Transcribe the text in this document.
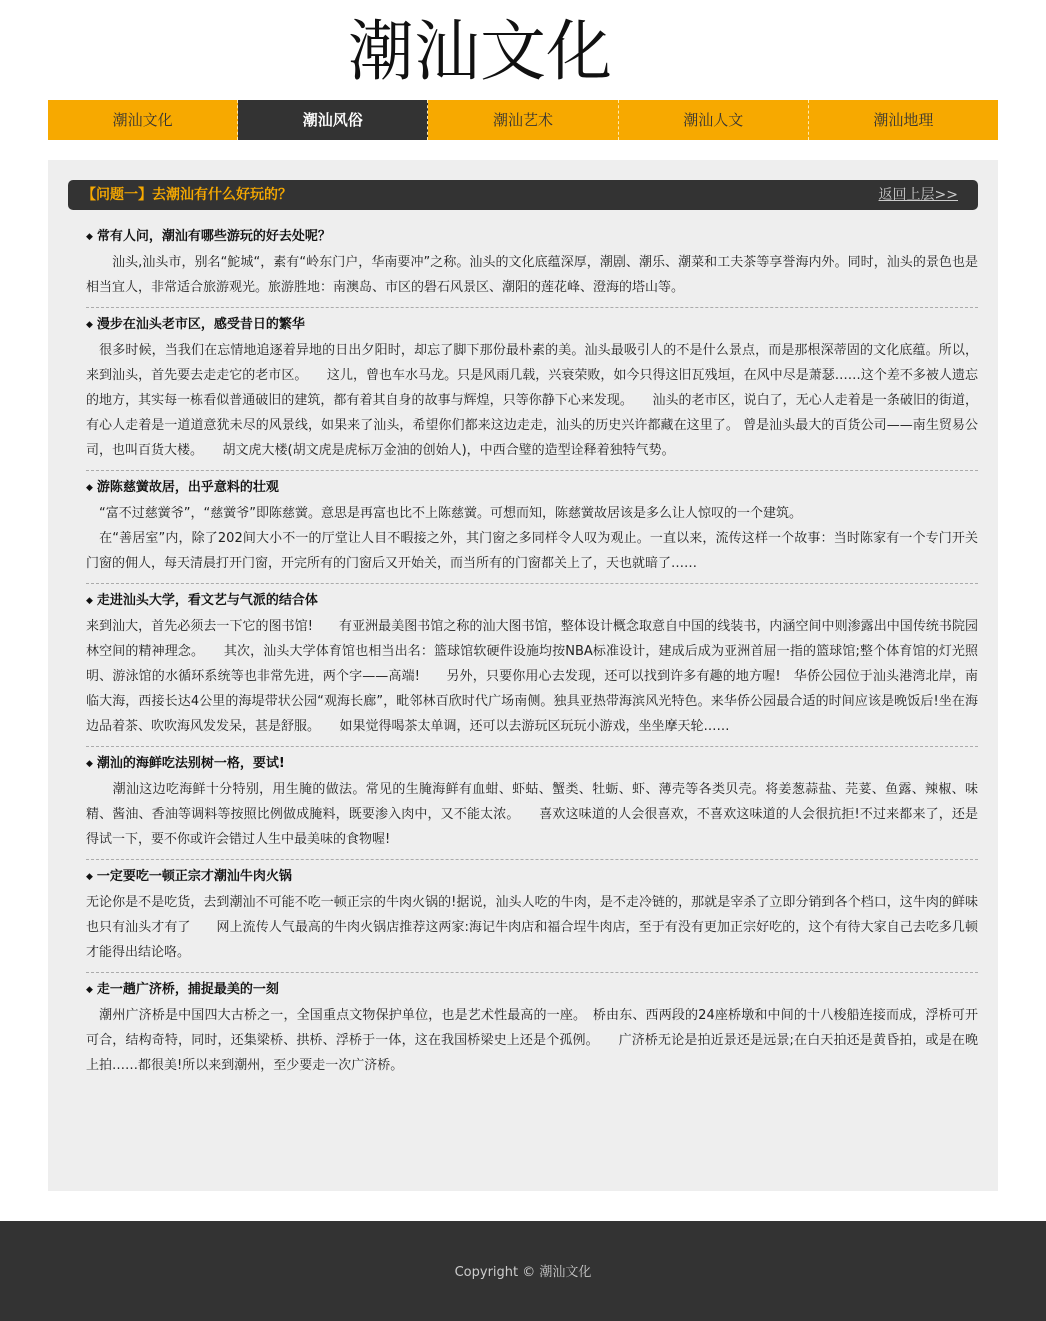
潮汕文化
潮汕文化	潮汕风俗	潮汕艺术	潮汕人文	潮汕地理
【问题一】去潮汕有什么好玩的？	返回上层>>
◆ 常有人问，潮汕有哪些游玩的好去处呢？

　　汕头,汕头市，别名“鮀城“，素有“岭东门户，华南要冲”之称。汕头的文化底蕴深厚，潮剧、潮乐、潮菜和工夫茶等享誉海内外。同时，汕头的景色也是相当宜人，非常适合旅游观光。旅游胜地：南澳岛、市区的礐石风景区、潮阳的莲花峰、澄海的塔山等。

◆ 漫步在汕头老市区，感受昔日的繁华

　很多时候，当我们在忘情地追逐着异地的日出夕阳时，却忘了脚下那份最朴素的美。汕头最吸引人的不是什么景点，而是那根深蒂固的文化底蕴。所以，来到汕头，首先要去走走它的老市区。　　这儿，曾也车水马龙。只是风雨几载，兴衰荣败，如今只得这旧瓦残垣，在风中尽是萧瑟……这个差不多被人遗忘的地方，其实每一栋看似普通破旧的建筑，都有着其自身的故事与辉煌，只等你静下心来发现。　　汕头的老市区，说白了，无心人走着是一条破旧的街道，有心人走着是一道道意犹未尽的风景线，如果来了汕头，希望你们都来这边走走，汕头的历史兴许都藏在这里了。 曾是汕头最大的百货公司——南生贸易公司，也叫百货大楼。　　胡文虎大楼(胡文虎是虎标万金油的创始人)，中西合璧的造型诠释着独特气势。

◆ 游陈慈黉故居，出乎意料的壮观

　“富不过慈黉爷”，“慈黉爷”即陈慈黉。意思是再富也比不上陈慈黉。可想而知，陈慈黉故居该是多么让人惊叹的一个建筑。

　在“善居室”内，除了202间大小不一的厅堂让人目不暇接之外，其门窗之多同样令人叹为观止。一直以来，流传这样一个故事：当时陈家有一个专门开关门窗的佣人，每天清晨打开门窗，开完所有的门窗后又开始关，而当所有的门窗都关上了，天也就暗了……

◆ 走进汕头大学，看文艺与气派的结合体

来到汕大，首先必须去一下它的图书馆!　　有亚洲最美图书馆之称的汕大图书馆，整体设计概念取意自中国的线装书，内涵空间中则渗露出中国传统书院园林空间的精神理念。　　其次，汕头大学体育馆也相当出名：篮球馆软硬件设施均按NBA标准设计，建成后成为亚洲首屈一指的篮球馆;整个体育馆的灯光照明、游泳馆的水循环系统等也非常先进，两个字——高端!　　另外，只要你用心去发现，还可以找到许多有趣的地方喔!　华侨公园位于汕头港湾北岸，南临大海，西接长达4公里的海堤带状公园“观海长廊”，毗邻林百欣时代广场南侧。独具亚热带海滨风光特色。来华侨公园最合适的时间应该是晚饭后!坐在海边品着茶、吹吹海风发发呆，甚是舒服。　　如果觉得喝茶太单调，还可以去游玩区玩玩小游戏，坐坐摩天轮……

◆ 潮汕的海鲜吃法别树一格，要试!

　　潮汕这边吃海鲜十分特别，用生腌的做法。常见的生腌海鲜有血蚶、虾蛄、蟹类、牡蛎、虾、薄壳等各类贝壳。将姜葱蒜盐、芫荽、鱼露、辣椒、味精、酱油、香油等调料等按照比例做成腌料，既要渗入肉中，又不能太浓。　　喜欢这味道的人会很喜欢，不喜欢这味道的人会很抗拒!不过来都来了，还是得试一下，要不你或许会错过人生中最美味的食物喔!

◆ 一定要吃一顿正宗才潮汕牛肉火锅

无论你是不是吃货，去到潮汕不可能不吃一顿正宗的牛肉火锅的!据说，汕头人吃的牛肉，是不走冷链的，那就是宰杀了立即分销到各个档口，这牛肉的鲜味也只有汕头才有了　　网上流传人气最高的牛肉火锅店推荐这两家:海记牛肉店和福合埕牛肉店，至于有没有更加正宗好吃的，这个有待大家自己去吃多几顿才能得出结论咯。

◆ 走一趟广济桥，捕捉最美的一刻

　潮州广济桥是中国四大古桥之一，全国重点文物保护单位，也是艺术性最高的一座。　桥由东、西两段的24座桥墩和中间的十八梭船连接而成，浮桥可开可合，结构奇特，同时，还集梁桥、拱桥、浮桥于一体，这在我国桥梁史上还是个孤例。　　广济桥无论是拍近景还是远景;在白天拍还是黄昏拍，或是在晚上拍……都很美!所以来到潮州，至少要走一次广济桥。

Copyright © 潮汕文化
